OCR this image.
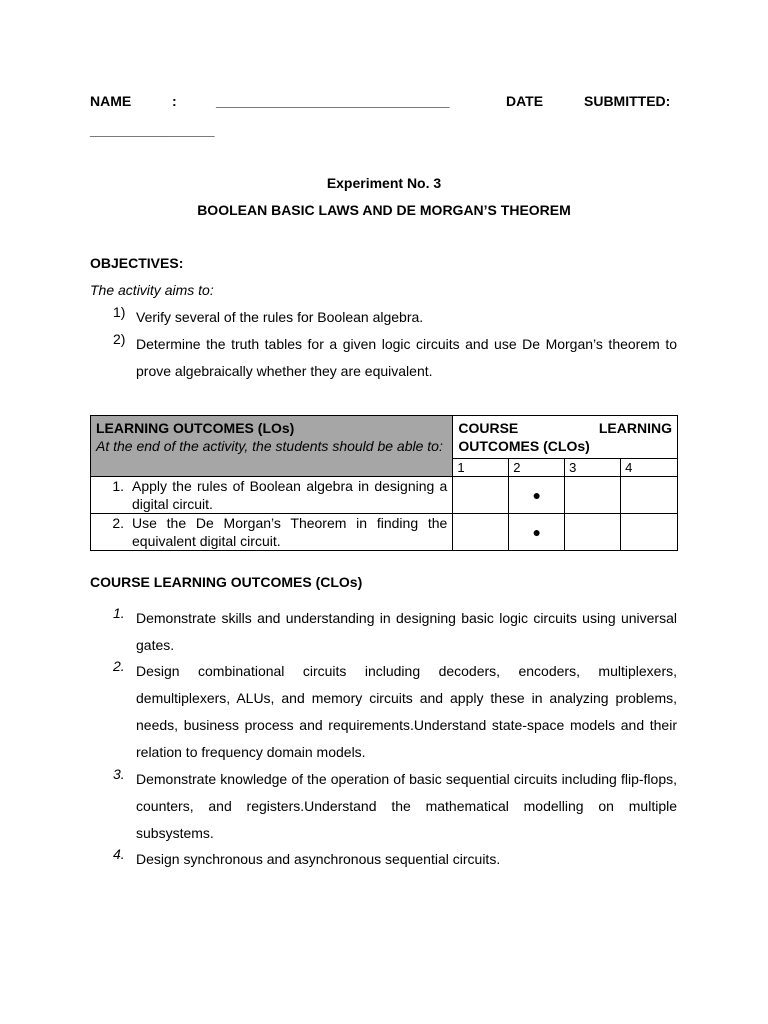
NAME	:	______________________________	DATE	SUBMITTED:
________________
Experiment No. 3
BOOLEAN BASIC LAWS AND DE MORGAN’S THEOREM
OBJECTIVES:
The activity aims to:
1) Verify several of the rules for Boolean algebra.
2) Determine the truth tables for a given logic circuits and use De Morgan’s theorem to prove algebraically whether they are equivalent.
LEARNING OUTCOMES (LOs)
At the end of the activity, the students should be able to:	COURSE LEARNING OUTCOMES (CLOs)			
	1	2	3	4

1. Apply the rules of Boolean algebra in designing a digital circuit.		●		

2. Use the De Morgan’s Theorem in finding the equivalent digital circuit.		●		
COURSE LEARNING OUTCOMES (CLOs)
1. Demonstrate skills and understanding in designing basic logic circuits using universal gates.
2. Design combinational circuits including decoders, encoders, multiplexers, demultiplexers, ALUs, and memory circuits and apply these in analyzing problems, needs, business process and requirements.Understand state-space models and their relation to frequency domain models.
3. Demonstrate knowledge of the operation of basic sequential circuits including flip-flops, counters, and registers.Understand the mathematical modelling on multiple subsystems.
4. Design synchronous and asynchronous sequential circuits.
